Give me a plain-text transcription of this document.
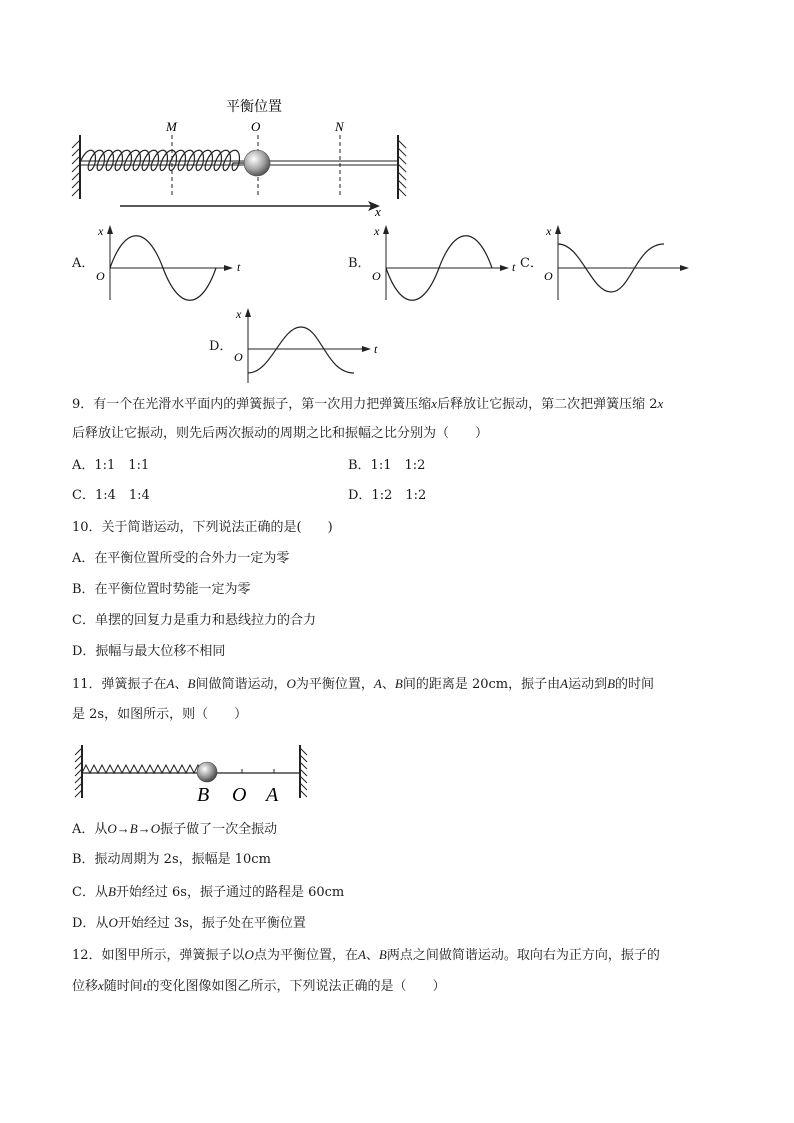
平衡位置
M	O	N
x
A．
x
O
t	B．
x
O
t C．
x
O
D．
x
O
t
9．有一个在光滑水平面内的弹簧振子，第一次用力把弹簧压缩x后释放让它振动，第二次把弹簧压缩 2x
后释放让它振动，则先后两次振动的周期之比和振幅之比分别为（　　）
A．1:1　1:1	B．1:1　1:2
C．1:4　1:4	D．1:2　1:2
10．关于简谐运动，下列说法正确的是(　　)
A．在平衡位置所受的合外力一定为零
B．在平衡位置时势能一定为零
C．单摆的回复力是重力和悬线拉力的合力
D．振幅与最大位移不相同
11．弹簧振子在A、B间做简谐运动，O为平衡位置，A、B间的距离是 20cm，振子由A运动到B的时间
是 2s，如图所示，则（　　）
B O A
A．从O→B→O振子做了一次全振动
B．振动周期为 2s，振幅是 10cm
C．从B开始经过 6s，振子通过的路程是 60cm
D．从O开始经过 3s，振子处在平衡位置
12．如图甲所示，弹簧振子以O点为平衡位置，在A、B两点之间做简谐运动。取向右为正方向，振子的
位移x随时间t的变化图像如图乙所示，下列说法正确的是（　　）
